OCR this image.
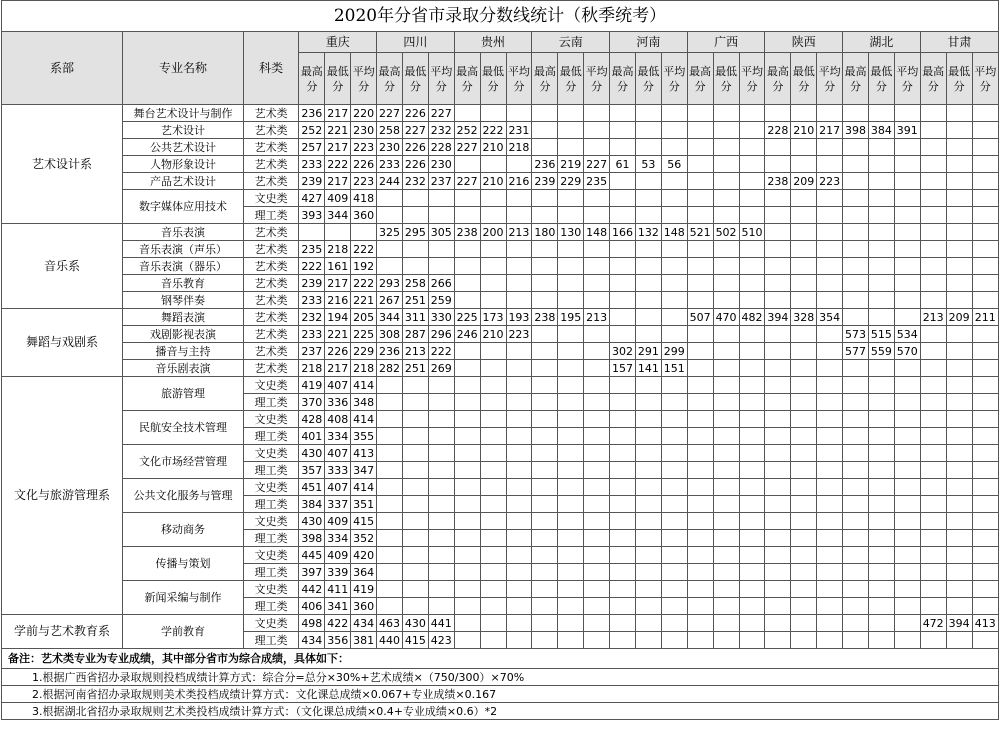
2020年分省市录取分数线统计（秋季统考）																													
系部	专业名称	科类	重庆			四川			贵州			云南			河南			广西			陕西			湖北			甘肃		
			最高分	最低分	平均分	最高分	最低分	平均分	最高分	最低分	平均分	最高分	最低分	平均分	最高分	最低分	平均分	最高分	最低分	平均分	最高分	最低分	平均分	最高分	最低分	平均分	最高分	最低分	平均分
艺术设计系	舞台艺术设计与制作	艺术类	236	217	220	227	226	227																					
	艺术设计	艺术类	252	221	230	258	227	232	252	222	231										228	210	217	398	384	391			
	公共艺术设计	艺术类	257	217	223	230	226	228	227	210	218																		
	人物形象设计	艺术类	233	222	226	233	226	230				236	219	227	61	53	56												
	产品艺术设计	艺术类	239	217	223	244	232	237	227	210	216	239	229	235							238	209	223						
	数字媒体应用技术	文史类	427	409	418																								
		理工类	393	344	360																								
音乐系	音乐表演	艺术类				325	295	305	238	200	213	180	130	148	166	132	148	521	502	510									
	音乐表演（声乐）	艺术类	235	218	222																								
	音乐表演（器乐）	艺术类	222	161	192																								
	音乐教育	艺术类	239	217	222	293	258	266																					
	钢琴伴奏	艺术类	233	216	221	267	251	259																					
舞蹈与戏剧系	舞蹈表演	艺术类	232	194	205	344	311	330	225	173	193	238	195	213				507	470	482	394	328	354				213	209	211
	戏剧影视表演	艺术类	233	221	225	308	287	296	246	210	223													573	515	534			
	播音与主持	艺术类	237	226	229	236	213	222							302	291	299							577	559	570			
	音乐剧表演	艺术类	218	217	218	282	251	269							157	141	151												
文化与旅游管理系	旅游管理	文史类	419	407	414																								
		理工类	370	336	348																								
	民航安全技术管理	文史类	428	408	414																								
		理工类	401	334	355																								
	文化市场经营管理	文史类	430	407	413																								
		理工类	357	333	347																								
	公共文化服务与管理	文史类	451	407	414																								
		理工类	384	337	351																								
	移动商务	文史类	430	409	415																								
		理工类	398	334	352																								
	传播与策划	文史类	445	409	420																								
		理工类	397	339	364																								
	新闻采编与制作	文史类	442	411	419																								
		理工类	406	341	360																								
学前与艺术教育系	学前教育	文史类	498	422	434	463	430	441																			472	394	413
		理工类	434	356	381	440	415	423																					
备注：艺术类专业为专业成绩，其中部分省市为综合成绩，具体如下：																													
1.根据广西省招办录取规则投档成绩计算方式：综合分=总分×30%+艺术成绩×（750/300）×70%																													
2.根据河南省招办录取规则美术类投档成绩计算方式：文化课总成绩×0.067+专业成绩×0.167																													
3.根据湖北省招办录取规则艺术类投档成绩计算方式：（文化课总成绩×0.4+专业成绩×0.6）*2																													
